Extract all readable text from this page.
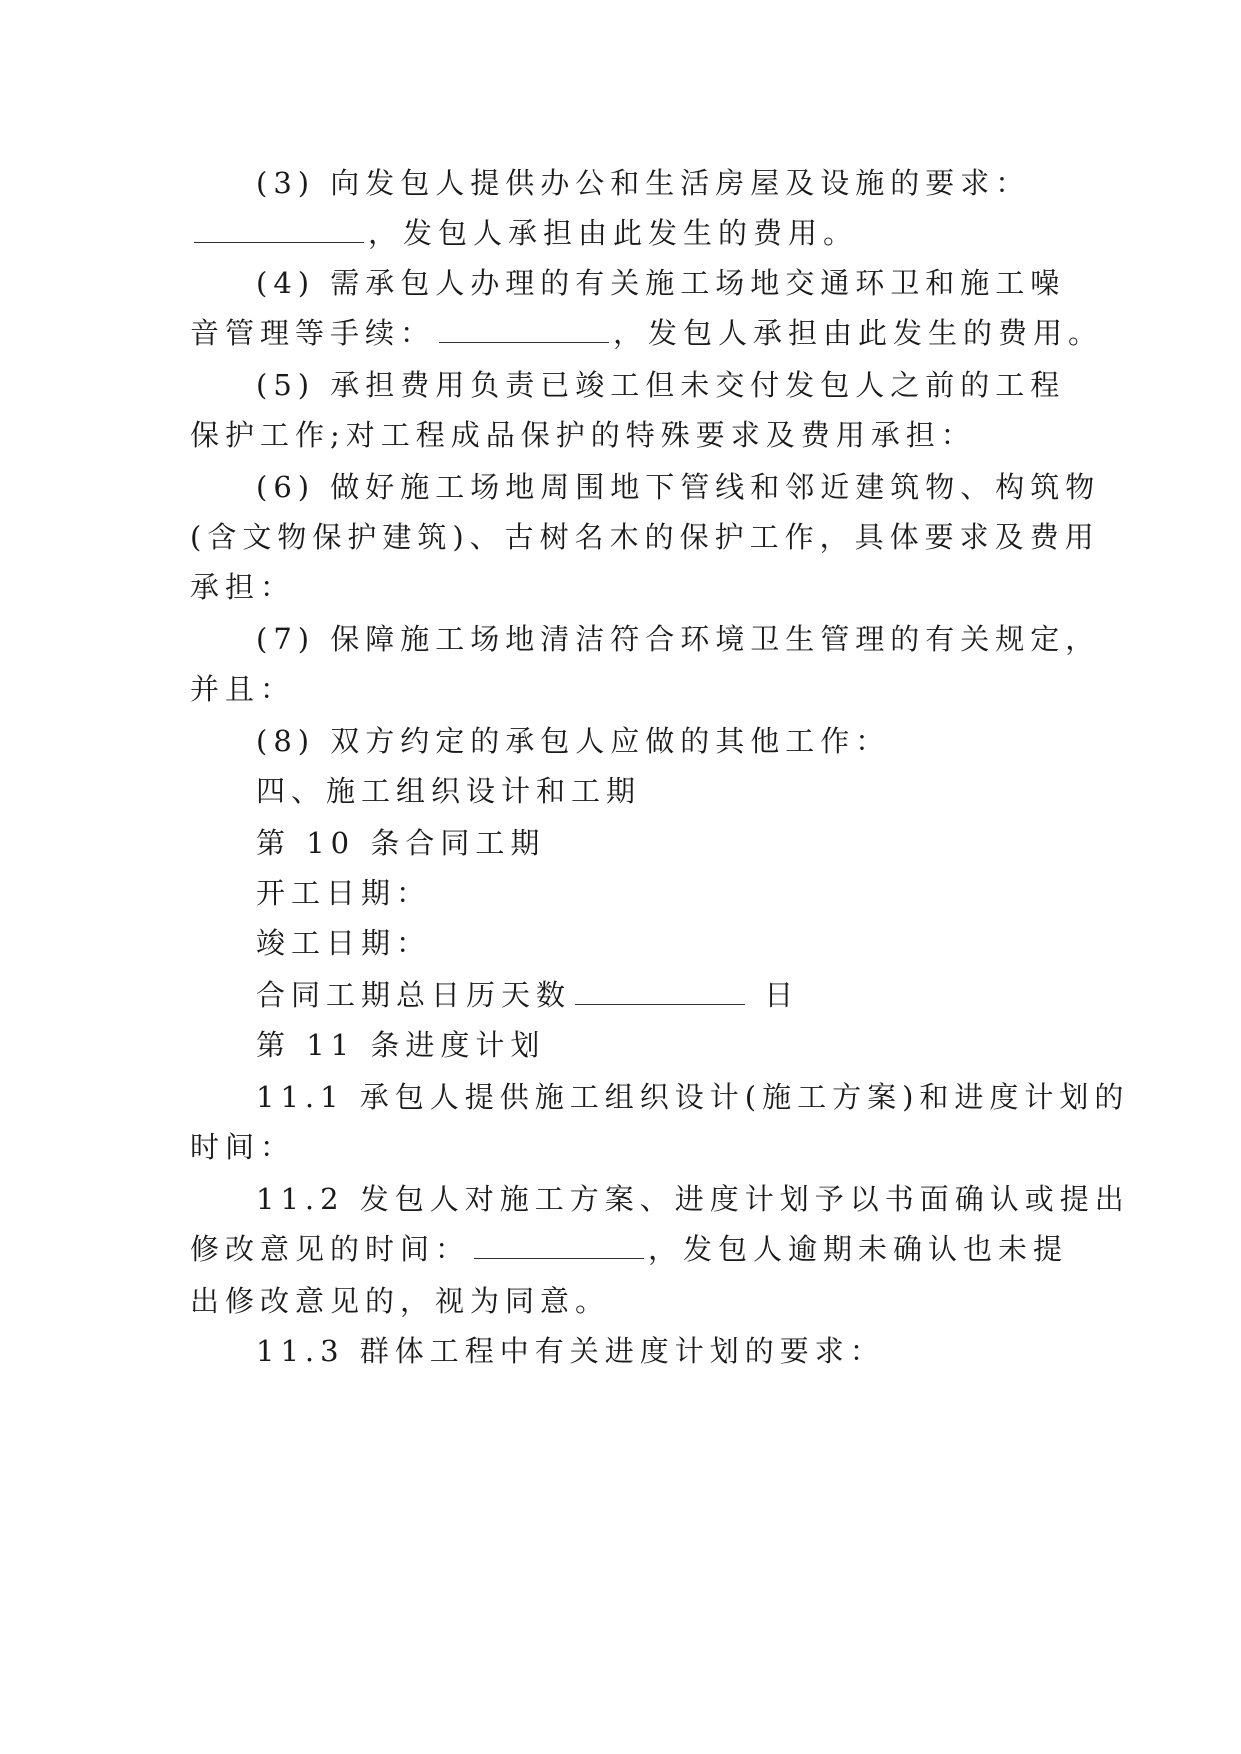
(3) 向发包人提供办公和生活房屋及设施的要求：
，发包人承担由此发生的费用。
(4) 需承包人办理的有关施工场地交通环卫和施工噪
音管理等手续：	，发包人承担由此发生的费用。
(5) 承担费用负责已竣工但未交付发包人之前的工程
保护工作;对工程成品保护的特殊要求及费用承担：
(6) 做好施工场地周围地下管线和邻近建筑物、构筑物
(含文物保护建筑)、古树名木的保护工作，具体要求及费用
承担：
(7) 保障施工场地清洁符合环境卫生管理的有关规定，
并且：
(8) 双方约定的承包人应做的其他工作：
四、施工组织设计和工期
第 10 条合同工期
开工日期：
竣工日期：
合同工期总日历天数	日
第 11 条进度计划
11.1 承包人提供施工组织设计(施工方案)和进度计划的
时间：
11.2 发包人对施工方案、进度计划予以书面确认或提出
修改意见的时间：	，发包人逾期未确认也未提
出修改意见的，视为同意。
11.3 群体工程中有关进度计划的要求：
